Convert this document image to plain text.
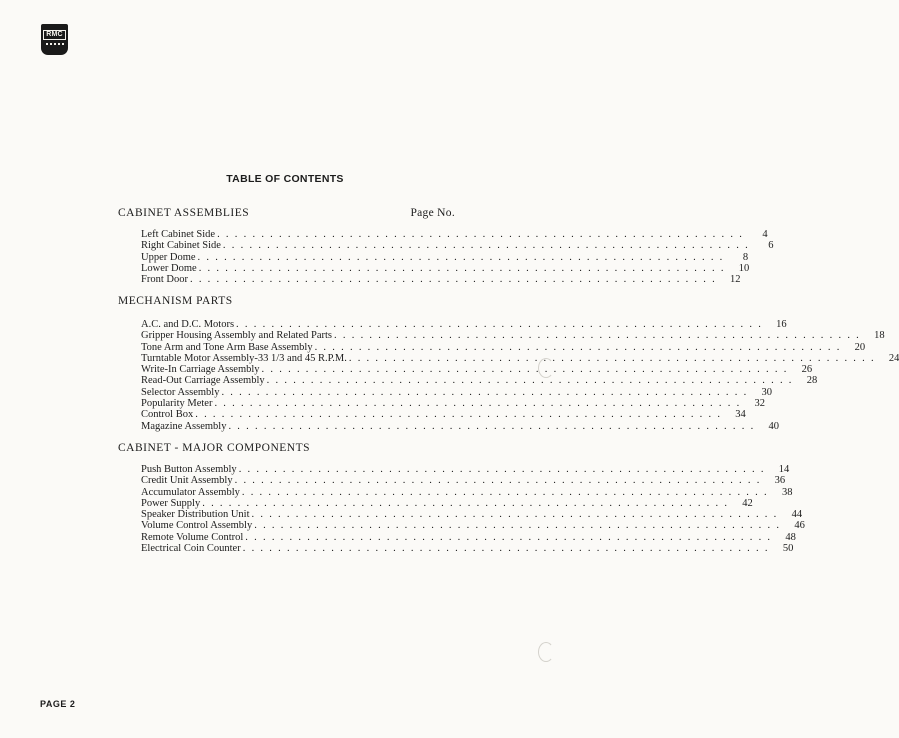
RMC
TABLE OF CONTENTS
Page No.
CABINET ASSEMBLIES
Left Cabinet Side . . . . . . . . . . . . . . . . . . . . . . . . . . . . . . . . . . . . . . . . . . . . . . . . . . . . . . . . . . . .	4
Right Cabinet Side . . . . . . . . . . . . . . . . . . . . . . . . . . . . . . . . . . . . . . . . . . . . . . . . . . . . . . . . . . . .	6
Upper Dome . . . . . . . . . . . . . . . . . . . . . . . . . . . . . . . . . . . . . . . . . . . . . . . . . . . . . . . . . . . .	8
Lower Dome . . . . . . . . . . . . . . . . . . . . . . . . . . . . . . . . . . . . . . . . . . . . . . . . . . . . . . . . . . . .	10
Front Door . . . . . . . . . . . . . . . . . . . . . . . . . . . . . . . . . . . . . . . . . . . . . . . . . . . . . . . . . . . .	12
MECHANISM PARTS
A.C. and D.C. Motors . . . . . . . . . . . . . . . . . . . . . . . . . . . . . . . . . . . . . . . . . . . . . . . . . . . . . . . . . . . .	16
Gripper Housing Assembly and Related Parts . . . . . . . . . . . . . . . . . . . . . . . . . . . . . . . . . . . . . . . . . . . . . . . . . . . . . . . . . . . .	18
Tone Arm and Tone Arm Base Assembly . . . . . . . . . . . . . . . . . . . . . . . . . . . . . . . . . . . . . . . . . . . . . . . . . . . . . . . . . . . .	20
Turntable Motor Assembly-33 1/3 and 45 R.P.M. . . . . . . . . . . . . . . . . . . . . . . . . . . . . . . . . . . . . . . . . . . . . . . . . . . . . . . . . . . . .	24
Write-In Carriage Assembly . . . . . . . . . . . . . . . . . . . . . . . . . . . . . . . . . . . . . . . . . . . . . . . . . . . . . . . . . . . .	26
Read-Out Carriage Assembly . . . . . . . . . . . . . . . . . . . . . . . . . . . . . . . . . . . . . . . . . . . . . . . . . . . . . . . . . . . .	28
Selector Assembly . . . . . . . . . . . . . . . . . . . . . . . . . . . . . . . . . . . . . . . . . . . . . . . . . . . . . . . . . . . .	30
Popularity Meter . . . . . . . . . . . . . . . . . . . . . . . . . . . . . . . . . . . . . . . . . . . . . . . . . . . . . . . . . . . .	32
Control Box . . . . . . . . . . . . . . . . . . . . . . . . . . . . . . . . . . . . . . . . . . . . . . . . . . . . . . . . . . . .	34
Magazine Assembly . . . . . . . . . . . . . . . . . . . . . . . . . . . . . . . . . . . . . . . . . . . . . . . . . . . . . . . . . . . .	40
CABINET - MAJOR COMPONENTS
Push Button Assembly . . . . . . . . . . . . . . . . . . . . . . . . . . . . . . . . . . . . . . . . . . . . . . . . . . . . . . . . . . . .	14
Credit Unit Assembly . . . . . . . . . . . . . . . . . . . . . . . . . . . . . . . . . . . . . . . . . . . . . . . . . . . . . . . . . . . .	36
Accumulator Assembly . . . . . . . . . . . . . . . . . . . . . . . . . . . . . . . . . . . . . . . . . . . . . . . . . . . . . . . . . . . .	38
Power Supply . . . . . . . . . . . . . . . . . . . . . . . . . . . . . . . . . . . . . . . . . . . . . . . . . . . . . . . . . . . .	42
Speaker Distribution Unit . . . . . . . . . . . . . . . . . . . . . . . . . . . . . . . . . . . . . . . . . . . . . . . . . . . . . . . . . . . .	44
Volume Control Assembly . . . . . . . . . . . . . . . . . . . . . . . . . . . . . . . . . . . . . . . . . . . . . . . . . . . . . . . . . . . .	46
Remote Volume Control . . . . . . . . . . . . . . . . . . . . . . . . . . . . . . . . . . . . . . . . . . . . . . . . . . . . . . . . . . . .	48
Electrical Coin Counter . . . . . . . . . . . . . . . . . . . . . . . . . . . . . . . . . . . . . . . . . . . . . . . . . . . . . . . . . . . .	50
PAGE 2
